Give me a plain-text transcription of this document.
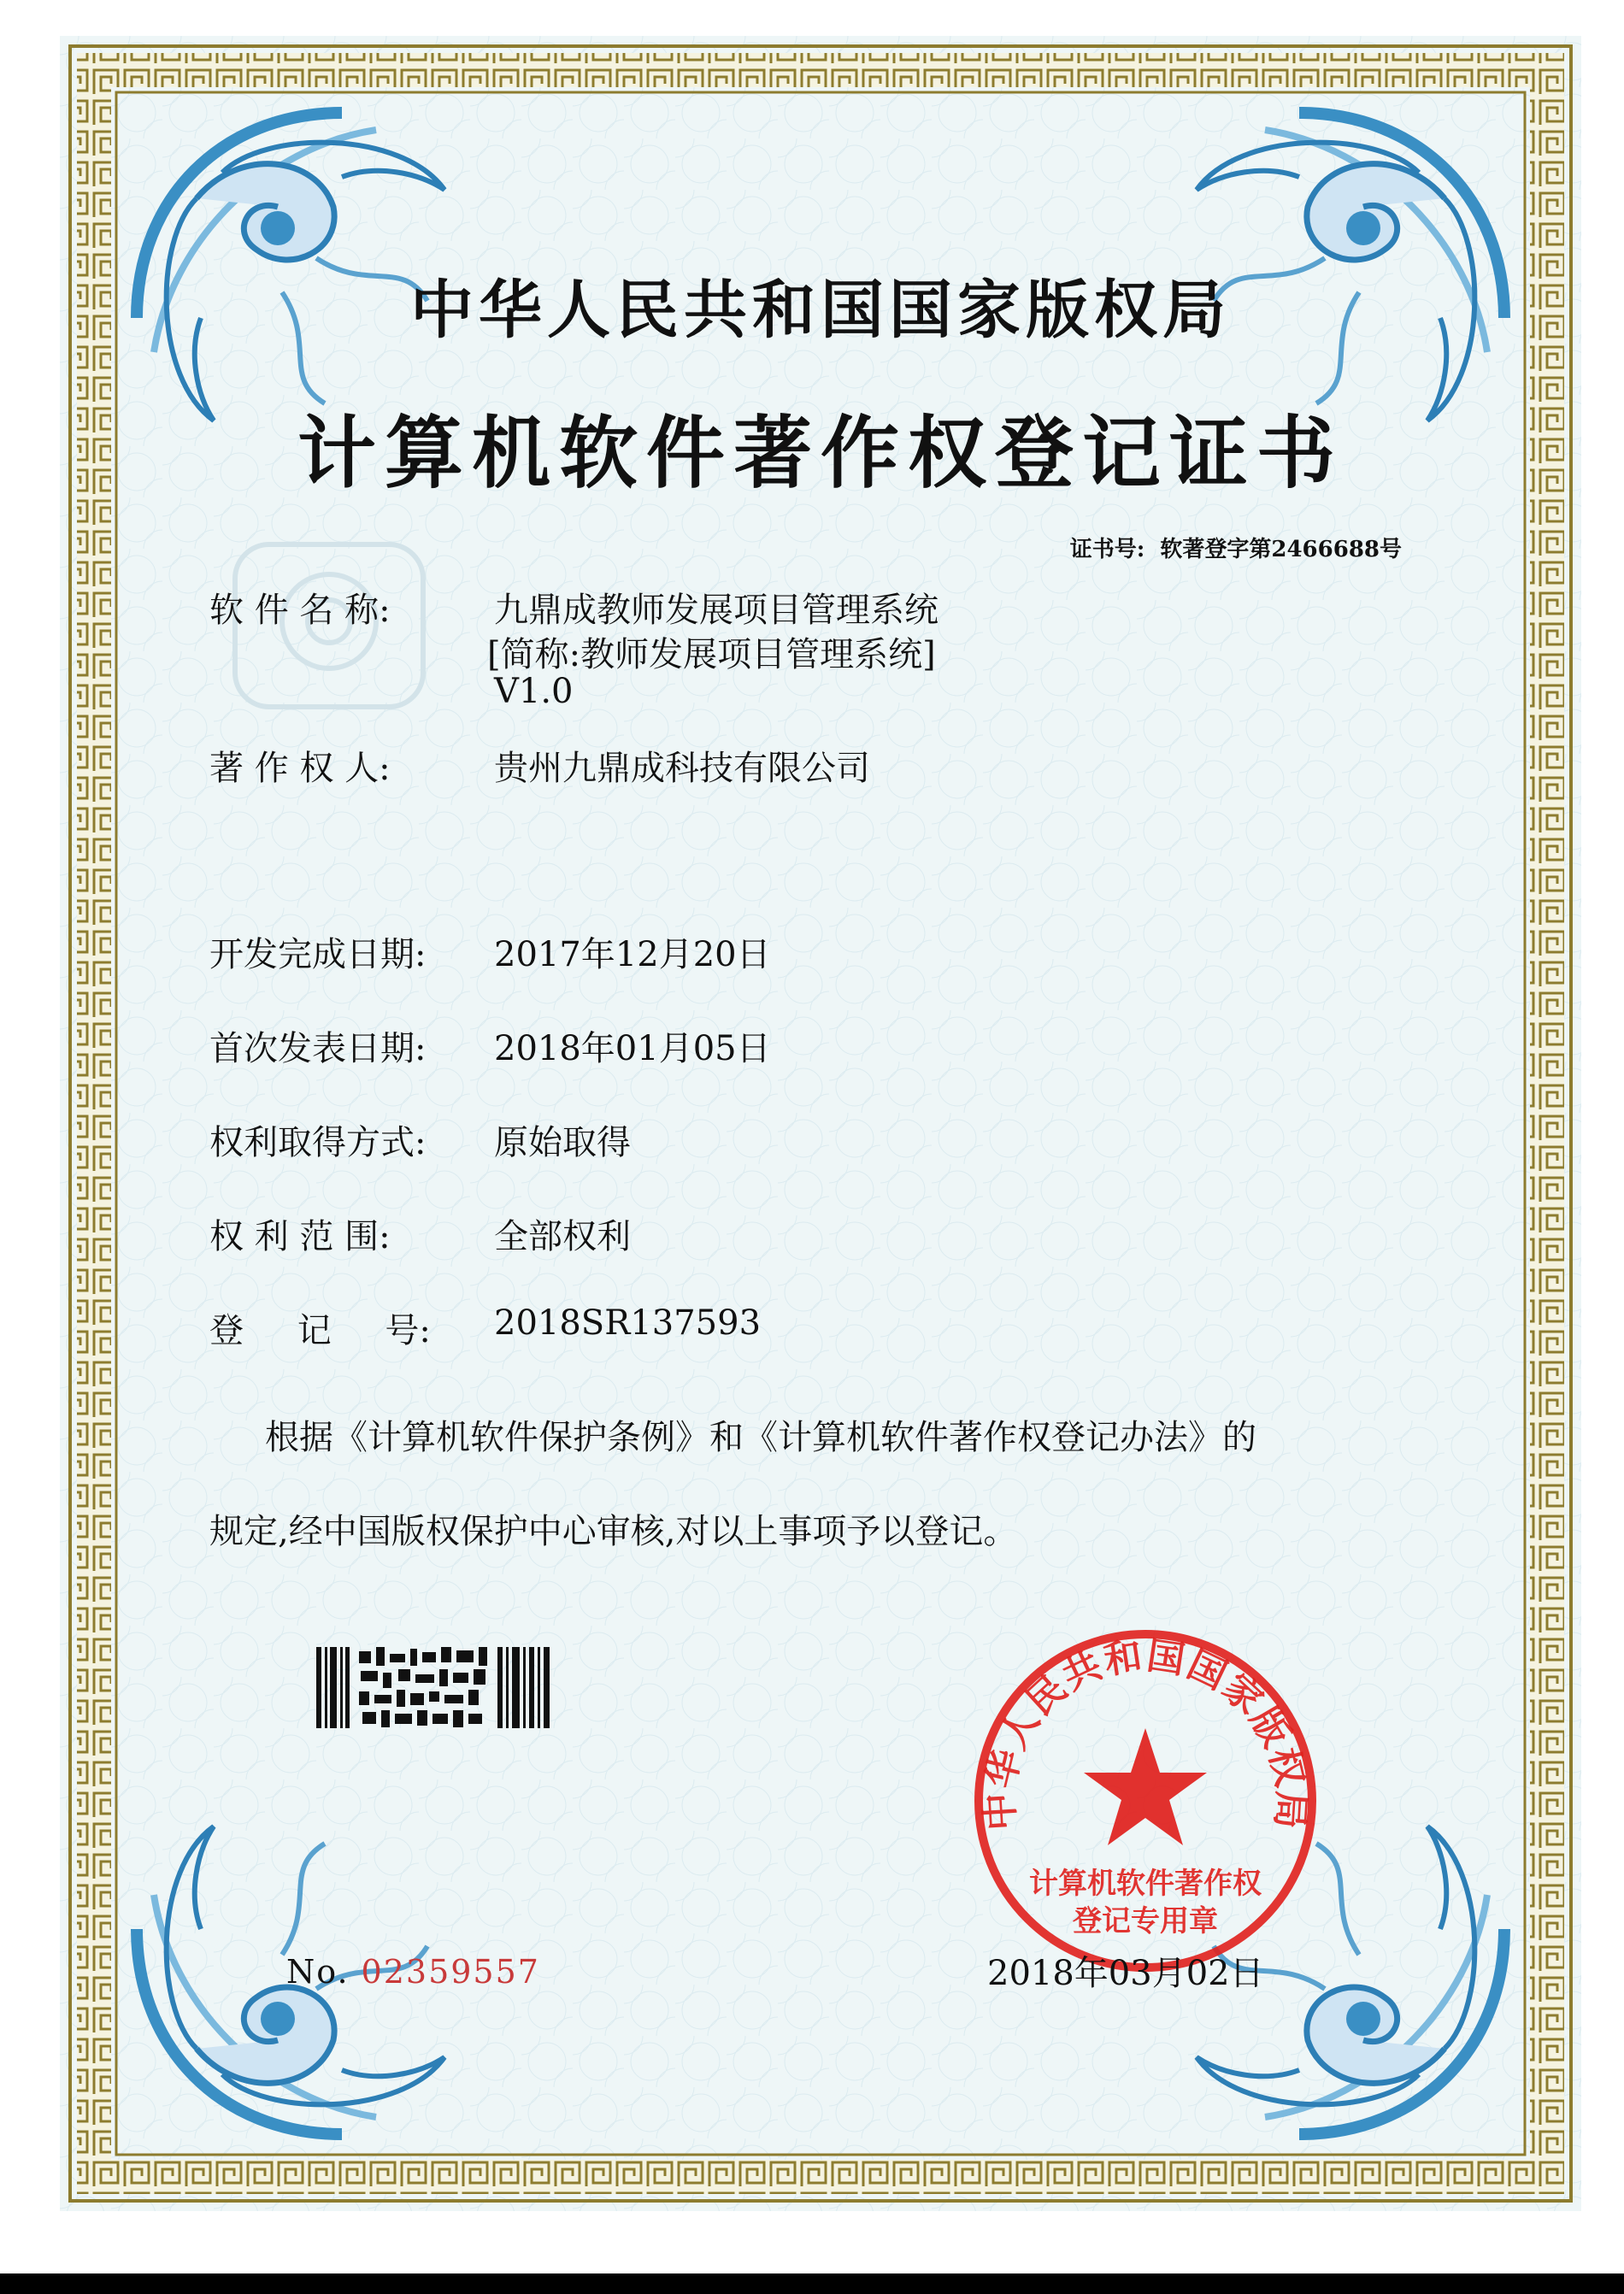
中华人民共和国国家版权局
计算机软件著作权登记证书
证书号: 软著登字第2466688号
软 件 名 称:	九鼎成教师发展项目管理系统
[简称:教师发展项目管理系统]
V1.0
著 作 权 人:	贵州九鼎成科技有限公司
开发完成日期: 2017年12月20日
首次发表日期: 2018年01月05日
权利取得方式: 原始取得
权 利 范 围:	全部权利
登 记 号: 2018SR137593
根据《计算机软件保护条例》和《计算机软件著作权登记办法》的
规定,经中国版权保护中心审核,对以上事项予以登记。
中华人民共和国国家版权局
计算机软件著作权
登记专用章
No. 02359557	2018年03月02日
